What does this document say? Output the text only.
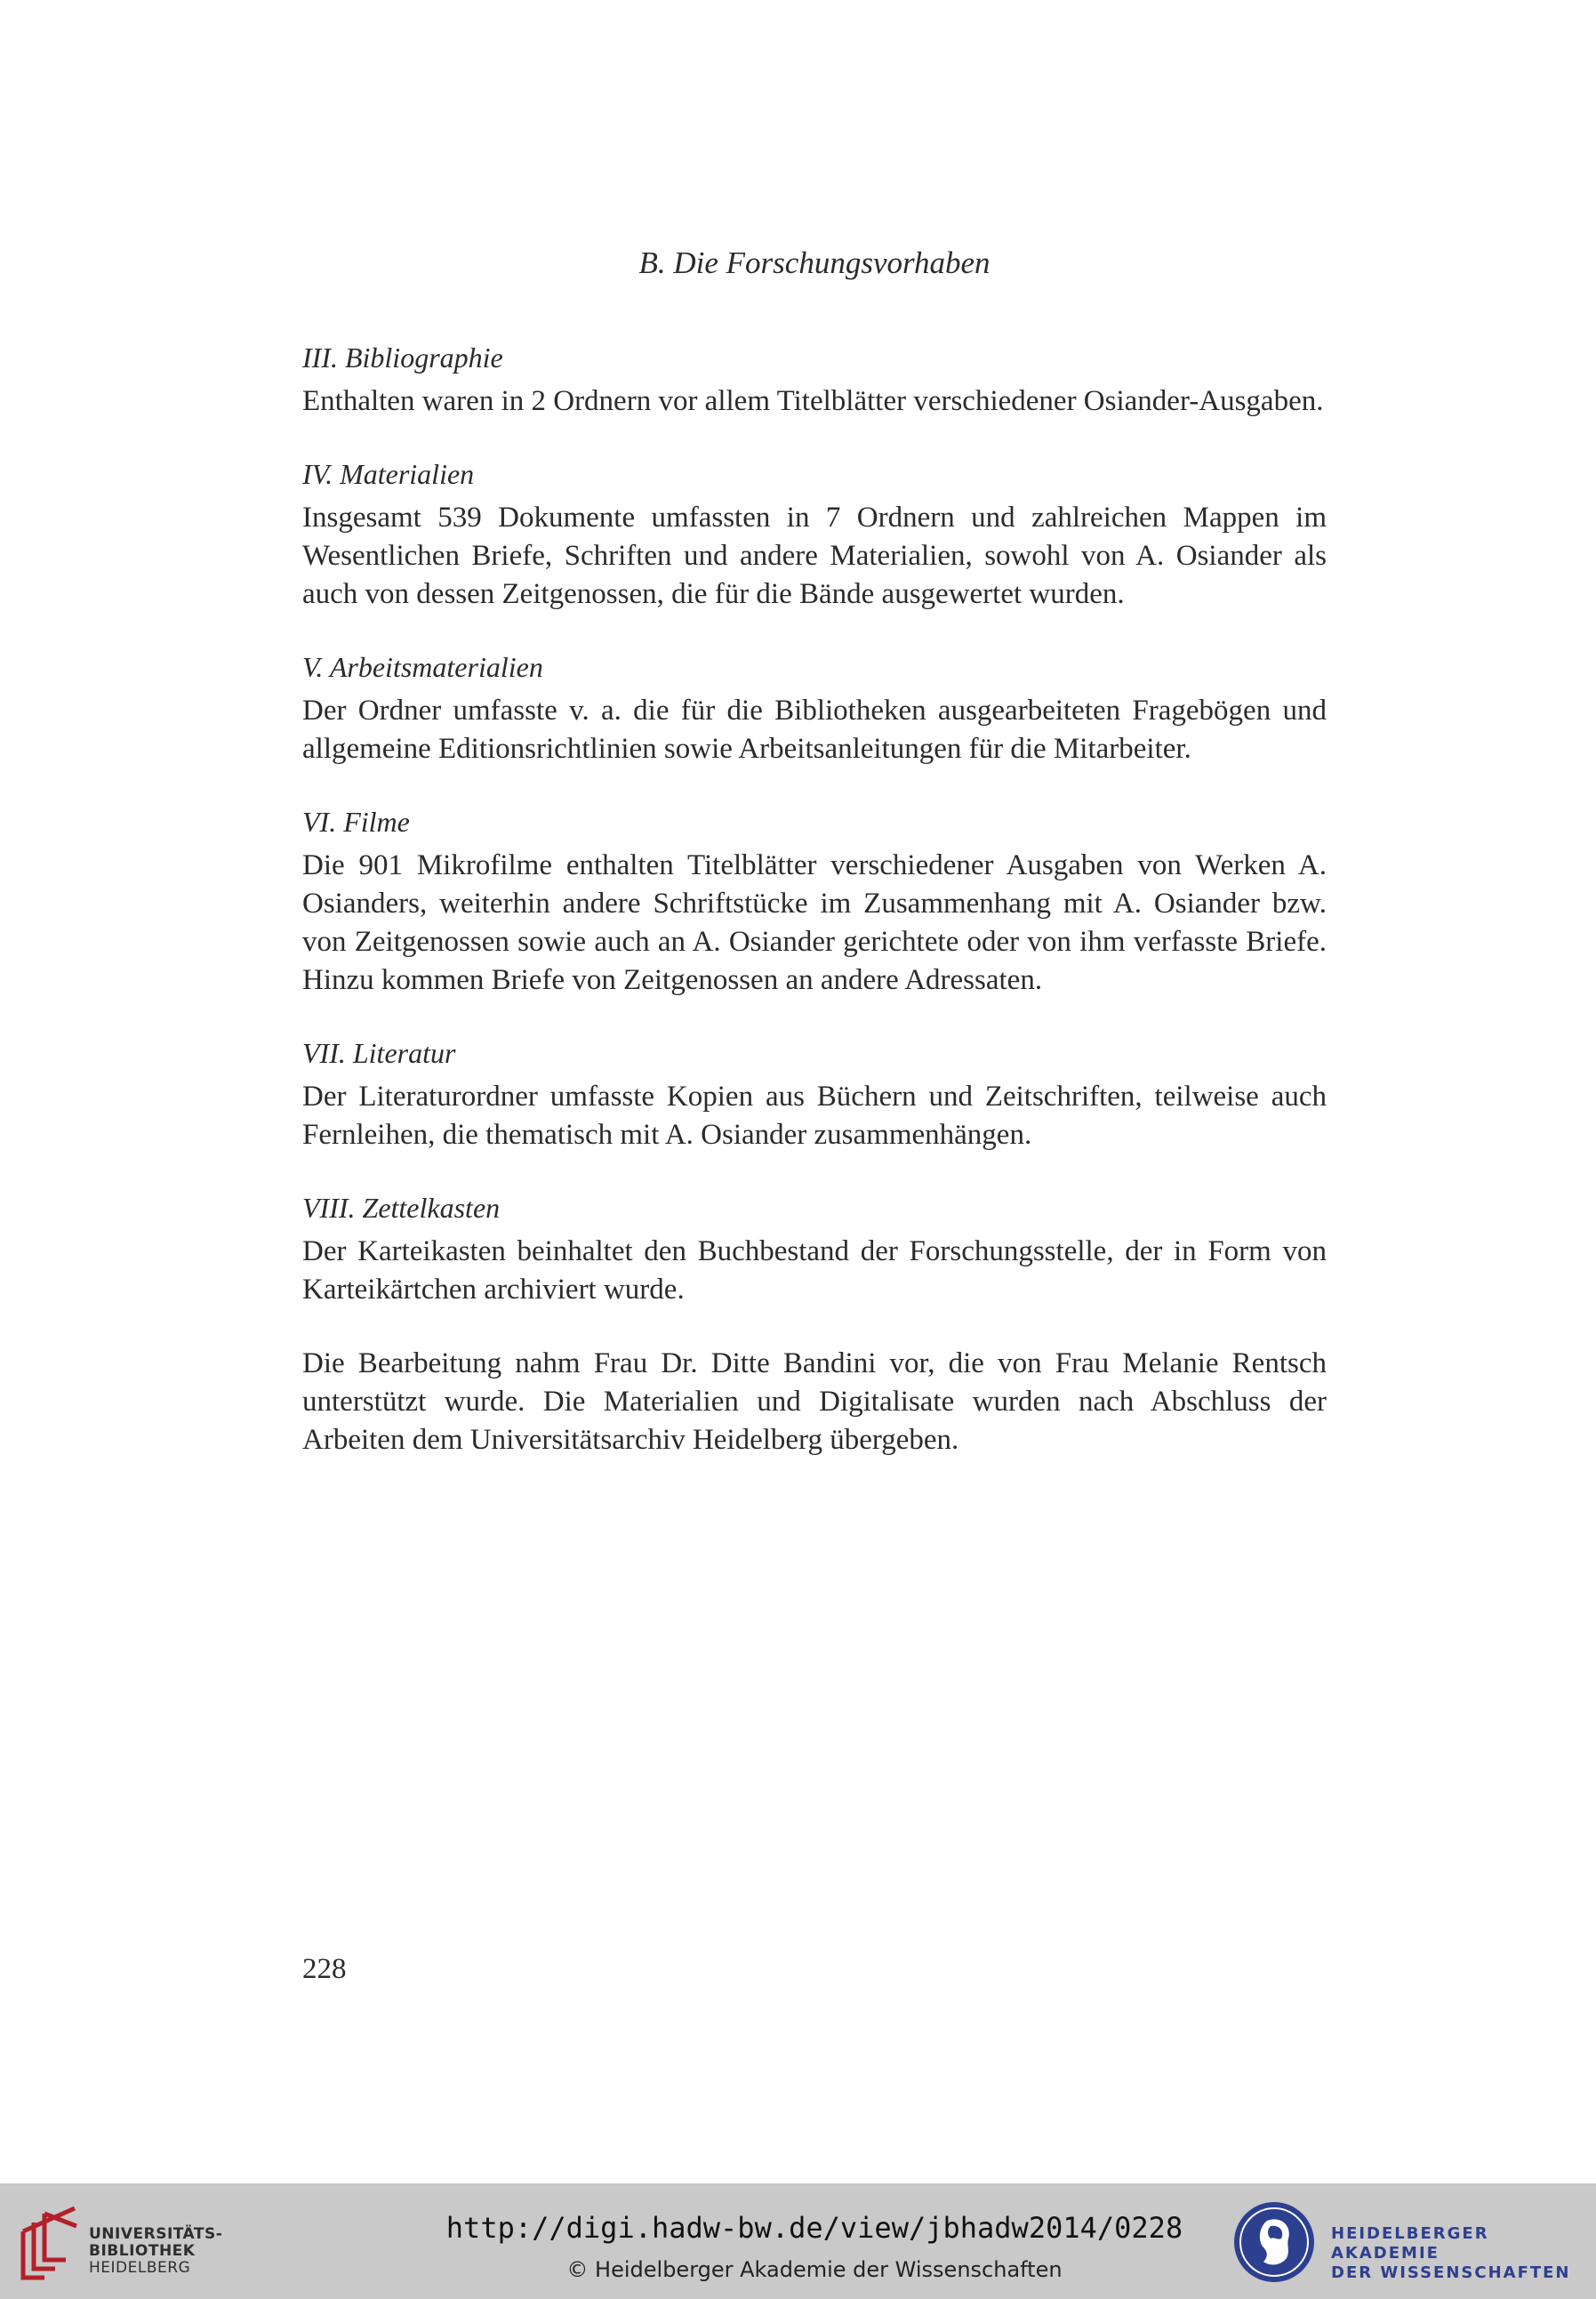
B. Die Forschungsvorhaben
III. Bibliographie

Enthalten waren in 2 Ordnern vor allem Titelblätter verschiedener Osiander-Ausgaben.

IV. Materialien

Insgesamt 539 Dokumente umfassten in 7 Ordnern und zahlreichen Mappen im Wesentlichen Briefe, Schriften und andere Materialien, sowohl von A. Osiander als auch von dessen Zeitgenossen, die für die Bände ausgewertet wurden.

V. Arbeitsmaterialien

Der Ordner umfasste v. a. die für die Bibliotheken ausgearbeiteten Fragebögen und allgemeine Editionsrichtlinien sowie Arbeitsanleitungen für die Mitarbeiter.

VI. Filme

Die 901 Mikrofilme enthalten Titelblätter verschiedener Ausgaben von Werken A. Osianders, weiterhin andere Schriftstücke im Zusammenhang mit A. Osiander bzw. von Zeitgenossen sowie auch an A. Osiander gerichtete oder von ihm verfasste Briefe. Hinzu kommen Briefe von Zeitgenossen an andere Adressaten.

VII. Literatur

Der Literaturordner umfasste Kopien aus Büchern und Zeitschriften, teilweise auch Fernleihen, die thematisch mit A. Osiander zusammenhängen.

VIII. Zettelkasten

Der Karteikasten beinhaltet den Buchbestand der Forschungsstelle, der in Form von Karteikärtchen archiviert wurde.

Die Bearbeitung nahm Frau Dr. Ditte Bandini vor, die von Frau Melanie Rentsch unterstützt wurde. Die Materialien und Digitalisate wurden nach Abschluss der Arbeiten dem Universitätsarchiv Heidelberg übergeben.

228
UNIVERSITÄTS-
BIBLIOTHEK
HEIDELBERG
http://digi.hadw-bw.de/view/jbhadw2014/0228
© Heidelberger Akademie der Wissenschaften
HEIDELBERGER AKADEMIE
DER WISSENSCHAFTEN
